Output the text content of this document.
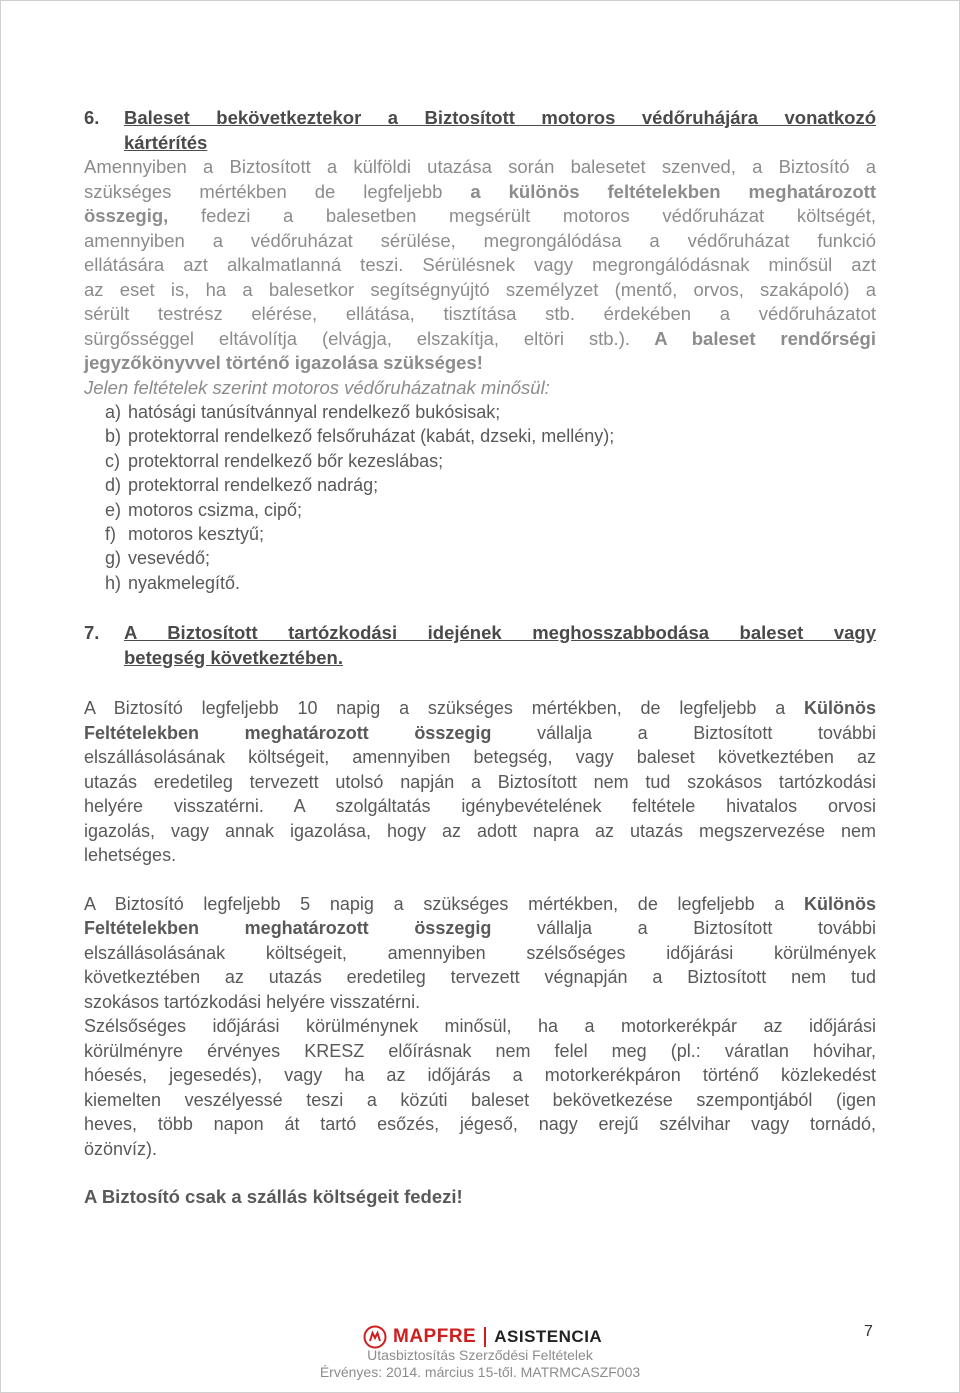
6.	Baleset bekövetkeztekor a Biztosított motoros védőruhájára vonatkozó
kártérítés
Amennyiben a Biztosított a külföldi utazása során balesetet szenved, a Biztosító a
szükséges mértékben de legfeljebb a különös feltételekben meghatározott
összegig, fedezi a balesetben megsérült motoros védőruházat költségét,
amennyiben a védőruházat sérülése, megrongálódása a védőruházat funkció
ellátására azt alkalmatlanná teszi. Sérülésnek vagy megrongálódásnak minősül azt
az eset is, ha a balesetkor segítségnyújtó személyzet (mentő, orvos, szakápoló) a
sérült testrész elérése, ellátása, tisztítása stb. érdekében a védőruházatot
sürgősséggel eltávolítja (elvágja, elszakítja, eltöri stb.). A baleset rendőrségi
jegyzőkönyvvel történő igazolása szükséges!
Jelen feltételek szerint motoros védőruházatnak minősül:
a) hatósági tanúsítvánnyal rendelkező bukósisak;
b) protektorral rendelkező felsőruházat (kabát, dzseki, mellény);
c) protektorral rendelkező bőr kezeslábas;
d) protektorral rendelkező nadrág;
e) motoros csizma, cipő;
f) motoros kesztyű;
g) vesevédő;
h) nyakmelegítő.
7.	A Biztosított tartózkodási idejének meghosszabbodása baleset vagy
betegség következtében.
A Biztosító legfeljebb 10 napig a szükséges mértékben, de legfeljebb a Különös
Feltételekben meghatározott összegig vállalja a Biztosított további
elszállásolásának költségeit, amennyiben betegség, vagy baleset következtében az
utazás eredetileg tervezett utolsó napján a Biztosított nem tud szokásos tartózkodási
helyére visszatérni. A szolgáltatás igénybevételének feltétele hivatalos orvosi
igazolás, vagy annak igazolása, hogy az adott napra az utazás megszervezése nem
lehetséges.
A Biztosító legfeljebb 5 napig a szükséges mértékben, de legfeljebb a Különös
Feltételekben meghatározott összegig vállalja a Biztosított további
elszállásolásának költségeit, amennyiben szélsőséges időjárási körülmények
következtében az utazás eredetileg tervezett végnapján a Biztosított nem tud
szokásos tartózkodási helyére visszatérni.
Szélsőséges időjárási körülménynek minősül, ha a motorkerékpár az időjárási
körülményre érvényes KRESZ előírásnak nem felel meg (pl.: váratlan hóvihar,
hóesés, jegesedés), vagy ha az időjárás a motorkerékpáron történő közlekedést
kiemelten veszélyessé teszi a közúti baleset bekövetkezése szempontjából (igen
heves, több napon át tartó esőzés, jégeső, nagy erejű szélvihar vagy tornádó,
özönvíz).
A Biztosító csak a szállás költségeit fedezi!
MAPFRE ASISTENCIA
Utasbiztosítás Szerződési Feltételek
Érvényes: 2014. március 15-től. MATRMCASZF003
7
